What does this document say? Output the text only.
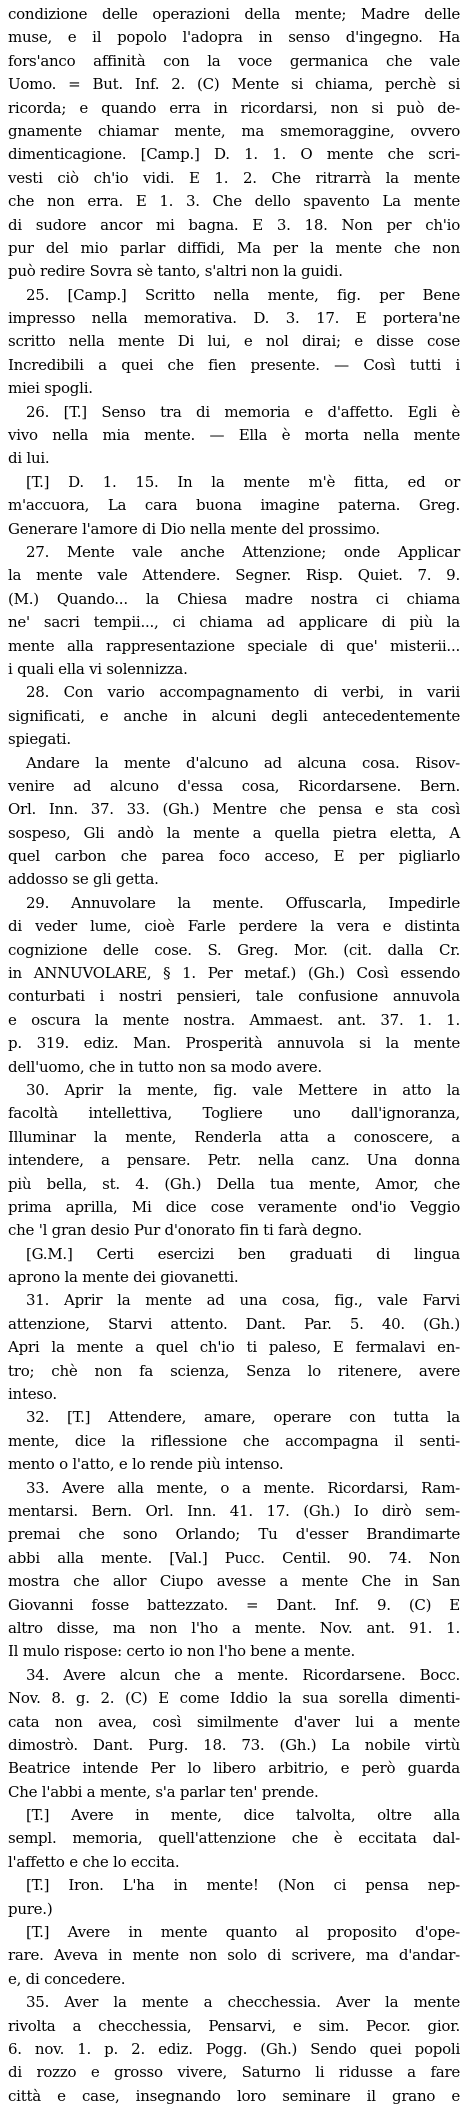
condizione delle operazioni della mente; Madre delle
muse, e il popolo l'adopra in senso d'ingegno. Ha
fors'anco affinità con la voce germanica che vale
Uomo. = But. Inf. 2. (C) Mente si chiama, perchè si
ricorda; e quando erra in ricordarsi, non si può de-
gnamente chiamar mente, ma smemoraggine, ovvero
dimenticagione. [Camp.] D. 1. 1. O mente che scri-
vesti ciò ch'io vidi. E 1. 2. Che ritrarrà la mente
che non erra. E 1. 3. Che dello spavento La mente
di sudore ancor mi bagna. E 3. 18. Non per ch'io
pur del mio parlar diffidi, Ma per la mente che non
può redire Sovra sè tanto, s'altri non la guidi.
25. [Camp.] Scritto nella mente, fig. per Bene
impresso nella memorativa. D. 3. 17. E portera'ne
scritto nella mente Di lui, e nol dirai; e disse cose
Incredibili a quei che fien presente. — Così tutti i
miei spogli.
26. [T.] Senso tra di memoria e d'affetto. Egli è
vivo nella mia mente. — Ella è morta nella mente
di lui.
[T.] D. 1. 15. In la mente m'è fitta, ed or
m'accuora, La cara buona imagine paterna. Greg.
Generare l'amore di Dio nella mente del prossimo.
27. Mente vale anche Attenzione; onde Applicar
la mente vale Attendere. Segner. Risp. Quiet. 7. 9.
(M.) Quando... la Chiesa madre nostra ci chiama
ne' sacri tempii..., ci chiama ad applicare di più la
mente alla rappresentazione speciale di que' misterii...
i quali ella vi solennizza.
28. Con vario accompagnamento di verbi, in varii
significati, e anche in alcuni degli antecedentemente
spiegati.
Andare la mente d'alcuno ad alcuna cosa. Risov-
venire ad alcuno d'essa cosa, Ricordarsene. Bern.
Orl. Inn. 37. 33. (Gh.) Mentre che pensa e sta così
sospeso, Gli andò la mente a quella pietra eletta, A
quel carbon che parea foco acceso, E per pigliarlo
addosso se gli getta.
29. Annuvolare la mente. Offuscarla, Impedirle
di veder lume, cioè Farle perdere la vera e distinta
cognizione delle cose. S. Greg. Mor. (cit. dalla Cr.
in ANNUVOLARE, § 1. Per metaf.) (Gh.) Così essendo
conturbati i nostri pensieri, tale confusione annuvola
e oscura la mente nostra. Ammaest. ant. 37. 1. 1.
p. 319. ediz. Man. Prosperità annuvola si la mente
dell'uomo, che in tutto non sa modo avere.
30. Aprir la mente, fig. vale Mettere in atto la
facoltà intellettiva, Togliere uno dall'ignoranza,
Illuminar la mente, Renderla atta a conoscere, a
intendere, a pensare. Petr. nella canz. Una donna
più bella, st. 4. (Gh.) Della tua mente, Amor, che
prima aprilla, Mi dice cose veramente ond'io Veggio
che 'l gran desio Pur d'onorato fin ti farà degno.
[G.M.] Certi esercizi ben graduati di lingua
aprono la mente dei giovanetti.
31. Aprir la mente ad una cosa, fig., vale Farvi
attenzione, Starvi attento. Dant. Par. 5. 40. (Gh.)
Apri la mente a quel ch'io ti paleso, E fermalavi en-
tro; chè non fa scienza, Senza lo ritenere, avere
inteso.
32. [T.] Attendere, amare, operare con tutta la
mente, dice la riflessione che accompagna il senti-
mento o l'atto, e lo rende più intenso.
33. Avere alla mente, o a mente. Ricordarsi, Ram-
mentarsi. Bern. Orl. Inn. 41. 17. (Gh.) Io dirò sem-
premai che sono Orlando; Tu d'esser Brandimarte
abbi alla mente. [Val.] Pucc. Centil. 90. 74. Non
mostra che allor Ciupo avesse a mente Che in San
Giovanni fosse battezzato. = Dant. Inf. 9. (C) E
altro disse, ma non l'ho a mente. Nov. ant. 91. 1.
Il mulo rispose: certo io non l'ho bene a mente.
34. Avere alcun che a mente. Ricordarsene. Bocc.
Nov. 8. g. 2. (C) E come Iddio la sua sorella dimenti-
cata non avea, così similmente d'aver lui a mente
dimostrò. Dant. Purg. 18. 73. (Gh.) La nobile virtù
Beatrice intende Per lo libero arbitrio, e però guarda
Che l'abbi a mente, s'a parlar ten' prende.
[T.] Avere in mente, dice talvolta, oltre alla
sempl. memoria, quell'attenzione che è eccitata dal-
l'affetto e che lo eccita.
[T.] Iron. L'ha in mente! (Non ci pensa nep-
pure.)
[T.] Avere in mente quanto al proposito d'ope-
rare. Aveva in mente non solo di scrivere, ma d'andar-
e, di concedere.
35. Aver la mente a checchessia. Aver la mente
rivolta a checchessia, Pensarvi, e sim. Pecor. gior.
6. nov. 1. p. 2. ediz. Pogg. (Gh.) Sendo quei popoli
di rozzo e grosso vivere, Saturno li ridusse a fare
città e case, insegnando loro seminare il grano e
